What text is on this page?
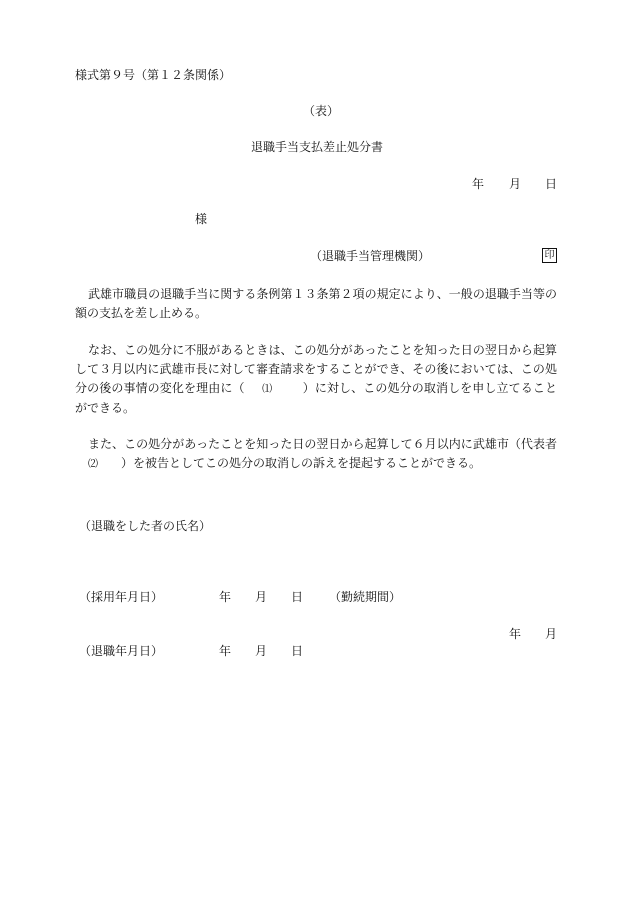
様式第９号（第１２条関係）
（表）
退職手当支払差止処分書
年 月 日
様
（退職手当管理機関）	印
武雄市職員の退職手当に関する条例第１３条第２項の規定により、一般の退職手当等の額の支払を差し止める。
なお、この処分に不服があるときは、この処分があったことを知った日の翌日から起算して３月以内に武雄市長に対して審査請求をすることができ、その後においては、この処分の後の事情の変化を理由に（ ⑴	）に対し、この処分の取消しを申し立てることができる。
また、この処分があったことを知った日の翌日から起算して６月以内に武雄市（代表者⑵ ）を被告としてこの処分の取消しの訴えを提起することができる。
（退職をした者の氏名）
（採用年月日）	年 月 日 （勤続期間）
年 月
（退職年月日）	年 月 日
